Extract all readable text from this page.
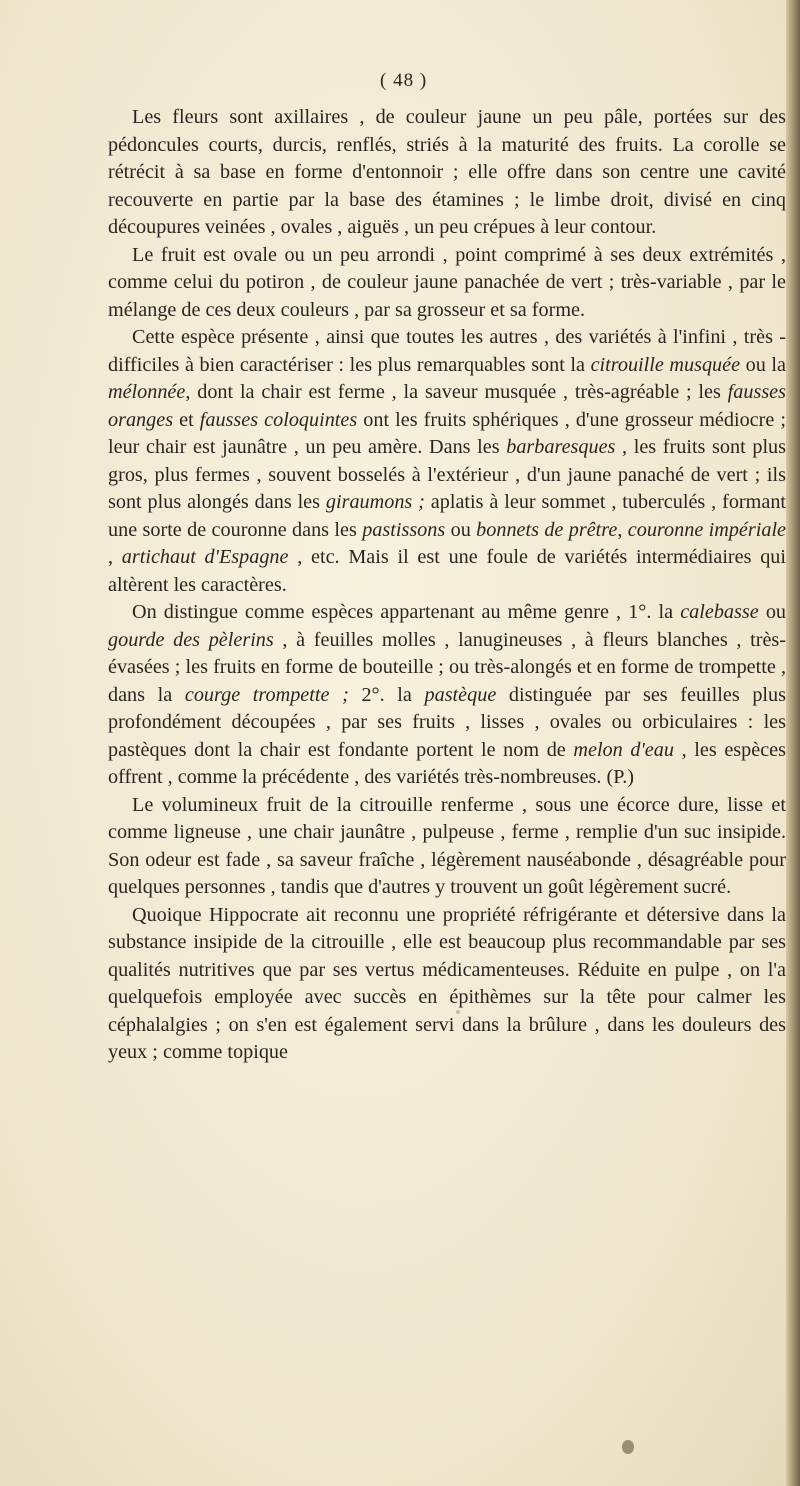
( 48 )

Les fleurs sont axillaires , de couleur jaune un peu pâle, portées sur des pédoncules courts, durcis, renflés, striés à la maturité des fruits. La corolle se rétrécit à sa base en forme d'entonnoir ; elle offre dans son centre une cavité recouverte en partie par la base des étamines ; le limbe droit, divisé en cinq découpures veinées , ovales , aiguës , un peu crépues à leur contour.

Le fruit est ovale ou un peu arrondi , point comprimé à ses deux extrémités , comme celui du potiron , de couleur jaune panachée de vert ; très-variable , par le mélange de ces deux couleurs , par sa grosseur et sa forme.

Cette espèce présente , ainsi que toutes les autres , des variétés à l'infini , très - difficiles à bien caractériser : les plus remarquables sont la citrouille musquée ou la mélonnée, dont la chair est ferme , la saveur musquée , très-agréable ; les fausses oranges et fausses coloquintes ont les fruits sphériques , d'une grosseur médiocre ; leur chair est jaunâtre , un peu amère. Dans les barbaresques , les fruits sont plus gros, plus fermes , souvent bosselés à l'extérieur , d'un jaune panaché de vert ; ils sont plus alongés dans les giraumons ; aplatis à leur sommet , tuberculés , formant une sorte de couronne dans les pastissons ou bonnets de prêtre, couronne impériale , artichaut d'Espagne , etc. Mais il est une foule de variétés intermédiaires qui altèrent les caractères.

On distingue comme espèces appartenant au même genre , 1°. la calebasse ou gourde des pèlerins , à feuilles molles , lanugineuses , à fleurs blanches , très-évasées ; les fruits en forme de bouteille ; ou très-alongés et en forme de trompette , dans la courge trompette ; 2°. la pastèque distinguée par ses feuilles plus profondément découpées , par ses fruits , lisses , ovales ou orbiculaires : les pastèques dont la chair est fondante portent le nom de melon d'eau , les espèces offrent , comme la précédente , des variétés très-nombreuses. (P.)

Le volumineux fruit de la citrouille renferme , sous une écorce dure, lisse et comme ligneuse , une chair jaunâtre , pulpeuse , ferme , remplie d'un suc insipide. Son odeur est fade , sa saveur fraîche , légèrement nauséabonde , désagréable pour quelques personnes , tandis que d'autres y trouvent un goût légèrement sucré.

Quoique Hippocrate ait reconnu une propriété réfrigérante et détersive dans la substance insipide de la citrouille , elle est beaucoup plus recommandable par ses qualités nutritives que par ses vertus médicamenteuses. Réduite en pulpe , on l'a quelquefois employée avec succès en épithèmes sur la tête pour calmer les céphalalgies ; on s'en est également servi dans la brûlure , dans les douleurs des yeux ; comme topique
